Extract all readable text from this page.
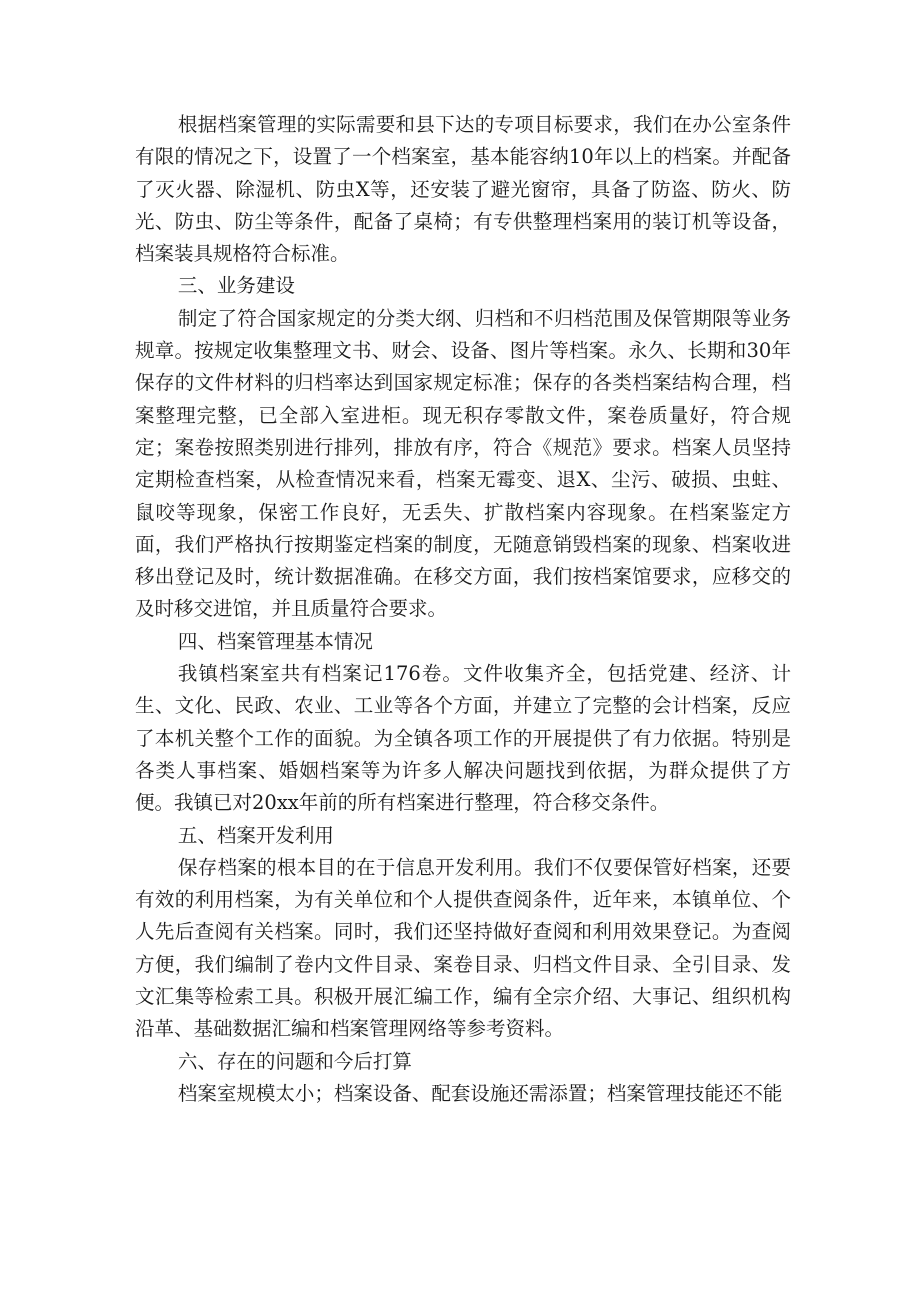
根据档案管理的实际需要和县下达的专项目标要求，我们在办公室条件有限的情况之下，设置了一个档案室，基本能容纳10年以上的档案。并配备了灭火器、除湿机、防虫X等，还安装了避光窗帘，具备了防盗、防火、防光、防虫、防尘等条件，配备了桌椅；有专供整理档案用的装订机等设备，档案装具规格符合标准。

三、业务建设

制定了符合国家规定的分类大纲、归档和不归档范围及保管期限等业务规章。按规定收集整理文书、财会、设备、图片等档案。永久、长期和30年保存的文件材料的归档率达到国家规定标准；保存的各类档案结构合理，档案整理完整，已全部入室进柜。现无积存零散文件，案卷质量好，符合规定；案卷按照类别进行排列，排放有序，符合《规范》要求。档案人员坚持定期检查档案，从检查情况来看，档案无霉变、退X、尘污、破损、虫蛀、鼠咬等现象，保密工作良好，无丢失、扩散档案内容现象。在档案鉴定方面，我们严格执行按期鉴定档案的制度，无随意销毁档案的现象、档案收进移出登记及时，统计数据准确。在移交方面，我们按档案馆要求，应移交的及时移交进馆，并且质量符合要求。

四、档案管理基本情况

我镇档案室共有档案记176卷。文件收集齐全，包括党建、经济、计生、文化、民政、农业、工业等各个方面，并建立了完整的会计档案，反应了本机关整个工作的面貌。为全镇各项工作的开展提供了有力依据。特别是各类人事档案、婚姻档案等为许多人解决问题找到依据，为群众提供了方便。我镇已对20xx年前的所有档案进行整理，符合移交条件。

五、档案开发利用

保存档案的根本目的在于信息开发利用。我们不仅要保管好档案，还要有效的利用档案，为有关单位和个人提供查阅条件，近年来，本镇单位、个人先后查阅有关档案。同时，我们还坚持做好查阅和利用效果登记。为查阅方便，我们编制了卷内文件目录、案卷目录、归档文件目录、全引目录、发文汇集等检索工具。积极开展汇编工作，编有全宗介绍、大事记、组织机构沿革、基础数据汇编和档案管理网络等参考资料。

六、存在的问题和今后打算

档案室规模太小；档案设备、配套设施还需添置；档案管理技能还不能
